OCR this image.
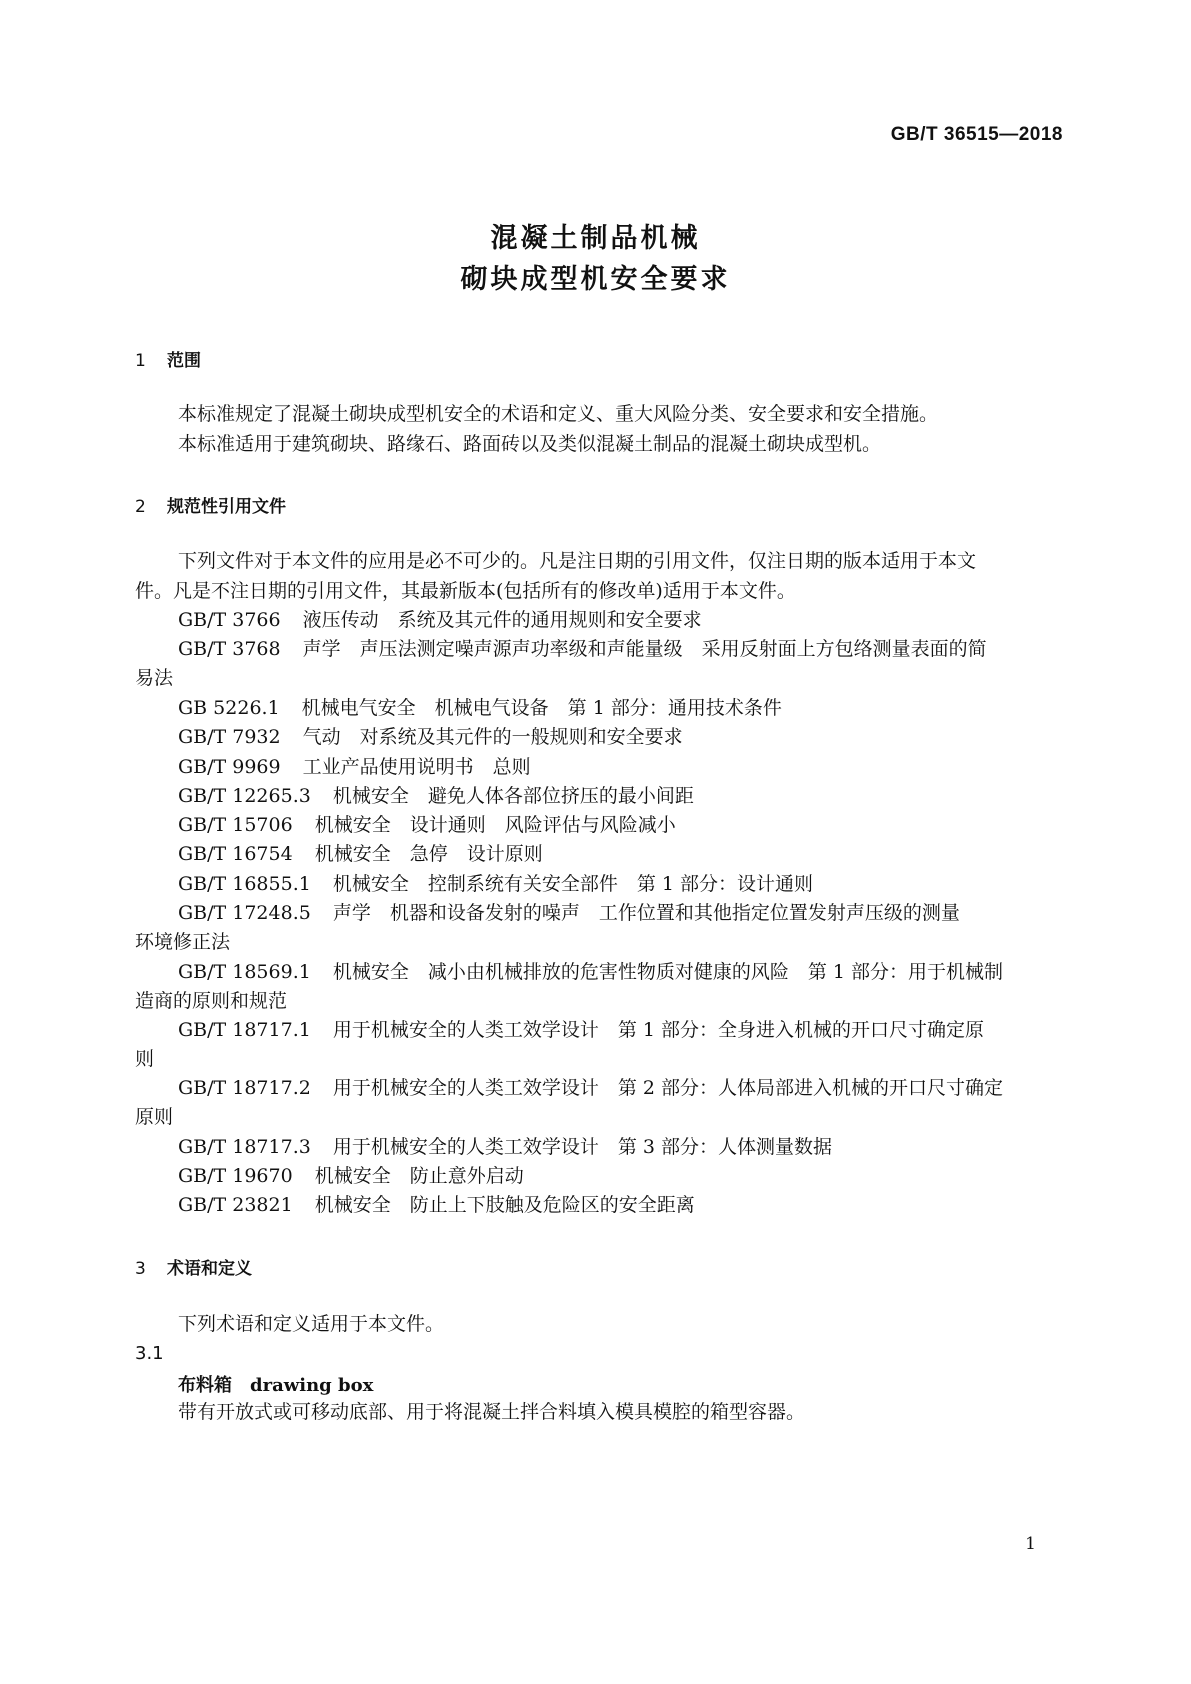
GB/T 36515—2018
混凝土制品机械
砌块成型机安全要求
1 范围
本标准规定了混凝土砌块成型机安全的术语和定义、重大风险分类、安全要求和安全措施。
本标准适用于建筑砌块、路缘石、路面砖以及类似混凝土制品的混凝土砌块成型机。
2 规范性引用文件
下列文件对于本文件的应用是必不可少的。凡是注日期的引用文件，仅注日期的版本适用于本文
件。凡是不注日期的引用文件，其最新版本(包括所有的修改单)适用于本文件。
GB/T 3766 液压传动　系统及其元件的通用规则和安全要求
GB/T 3768 声学　声压法测定噪声源声功率级和声能量级　采用反射面上方包络测量表面的简
易法
GB 5226.1 机械电气安全　机械电气设备　第 1 部分：通用技术条件
GB/T 7932 气动　对系统及其元件的一般规则和安全要求
GB/T 9969 工业产品使用说明书　总则
GB/T 12265.3 机械安全　避免人体各部位挤压的最小间距
GB/T 15706 机械安全　设计通则　风险评估与风险减小
GB/T 16754 机械安全　急停　设计原则
GB/T 16855.1 机械安全　控制系统有关安全部件　第 1 部分：设计通则
GB/T 17248.5 声学　机器和设备发射的噪声　工作位置和其他指定位置发射声压级的测量
环境修正法
GB/T 18569.1 机械安全　减小由机械排放的危害性物质对健康的风险　第 1 部分：用于机械制
造商的原则和规范
GB/T 18717.1 用于机械安全的人类工效学设计　第 1 部分：全身进入机械的开口尺寸确定原
则
GB/T 18717.2 用于机械安全的人类工效学设计　第 2 部分：人体局部进入机械的开口尺寸确定
原则
GB/T 18717.3 用于机械安全的人类工效学设计　第 3 部分：人体测量数据
GB/T 19670 机械安全　防止意外启动
GB/T 23821 机械安全　防止上下肢触及危险区的安全距离
3 术语和定义
下列术语和定义适用于本文件。
3.1
布料箱 drawing box
带有开放式或可移动底部、用于将混凝土拌合料填入模具模腔的箱型容器。
1
